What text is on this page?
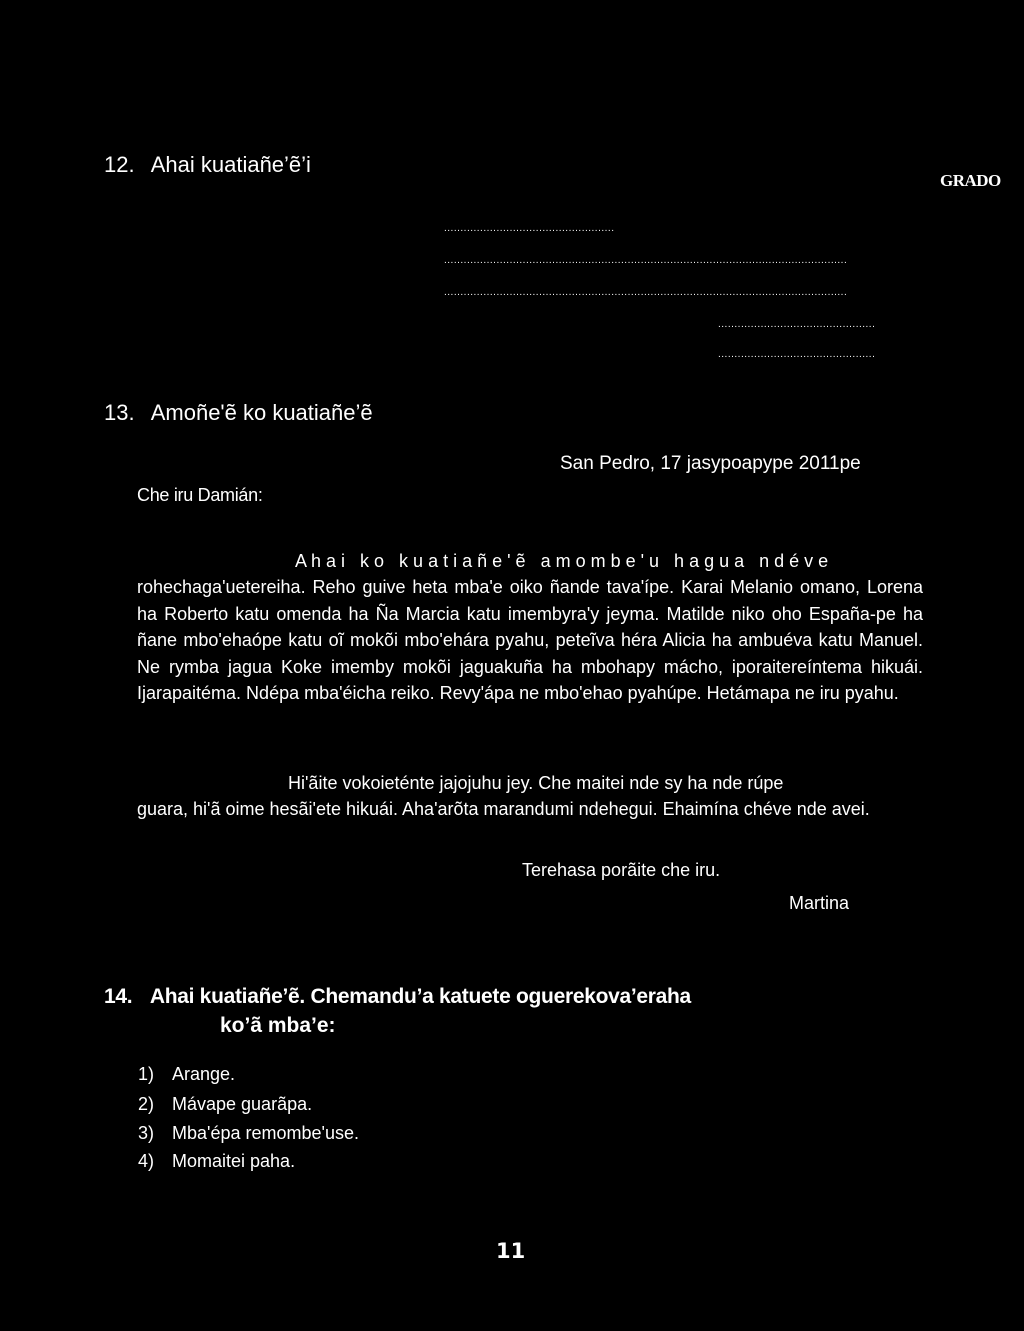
12. Ahai kuatiañe’ẽ’i
GRADO
....................................................
...........................................................................................................................
...........................................................................................................................
................................................
................................................
13. Amoñe'ẽ ko kuatiañe’ẽ
San Pedro, 17 jasypoapype 2011pe
Che iru Damián:

A h a i   k o   k u a t i a ñ e ' ẽ   a m o m b e ' u   h a g u a   n d é v e
rohechaga'uetereiha. Reho guive heta mba'e oiko ñande tava'ípe. Karai Melanio omano, Lorena ha Roberto katu omenda ha Ña Marcia katu imembyra'y jeyma. Matilde niko oho España-pe ha ñane mbo'ehaópe katu oĩ mokõi mbo'ehára pyahu, peteĩva héra Alicia ha ambuéva katu Manuel. Ne rymba jagua Koke imemby mokõi jaguakuña ha mbohapy mácho, iporaitereíntema hikuái. Ijarapaitéma. Ndépa mba'éicha reiko. Revy'ápa ne mbo'ehao pyahúpe. Hetámapa ne iru pyahu.

Hi'ãite vokoieténte jajojuhu jey. Che maitei nde sy ha nde rúpe
guara, hi'ã oime hesãi'ete hikuái. Aha'arõta marandumi ndehegui. Ehaimína chéve nde avei.

Terehasa porãite che iru.
Martina
14. Ahai kuatiañe’ẽ. Chemandu’a katuete oguerekova’eraha
ko’ã mba’e:
1) Arange.
2) Mávape guarãpa.
3) Mba'épa remombe'use.
4) Momaitei paha.
11
